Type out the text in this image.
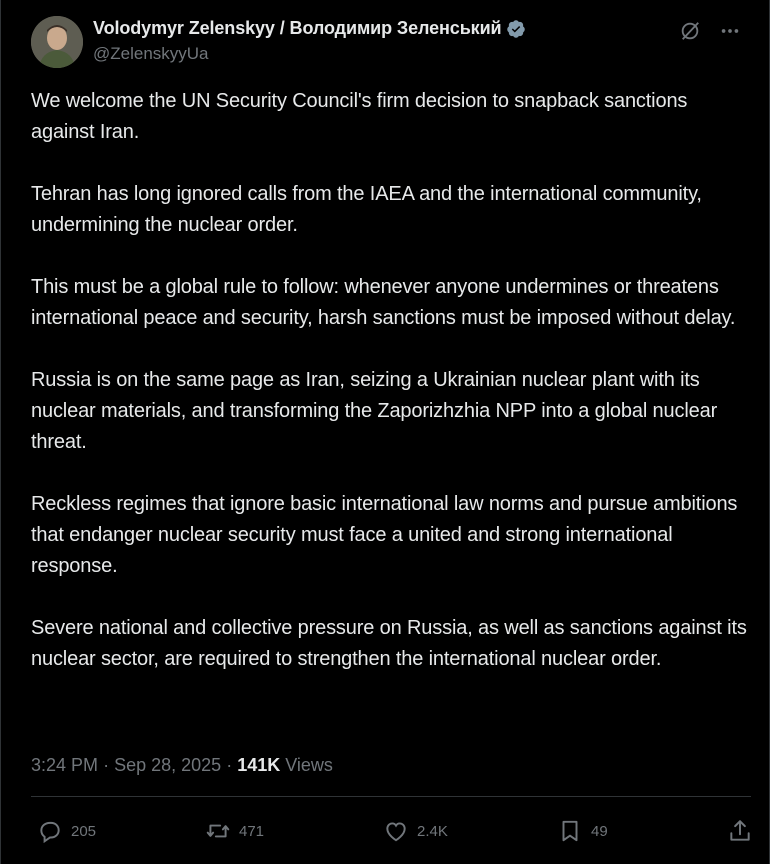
Volodymyr Zelenskyy / Володимир Зеленський
@ZelenskyyUa

We welcome the UN Security Council's firm decision to snapback sanctions against Iran.

Tehran has long ignored calls from the IAEA and the international community, undermining the nuclear order.

This must be a global rule to follow: whenever anyone undermines or threatens international peace and security, harsh sanctions must be imposed without delay.

Russia is on the same page as Iran, seizing a Ukrainian nuclear plant with its nuclear materials, and transforming the Zaporizhzhia NPP into a global nuclear threat.

Reckless regimes that ignore basic international law norms and pursue ambitions that endanger nuclear security must face a united and strong international response.

Severe national and collective pressure on Russia, as well as sanctions against its nuclear sector, are required to strengthen the international nuclear order.

3:24 PM · Sep 28, 2025 · 141K Views
205	471	2.4K	49
